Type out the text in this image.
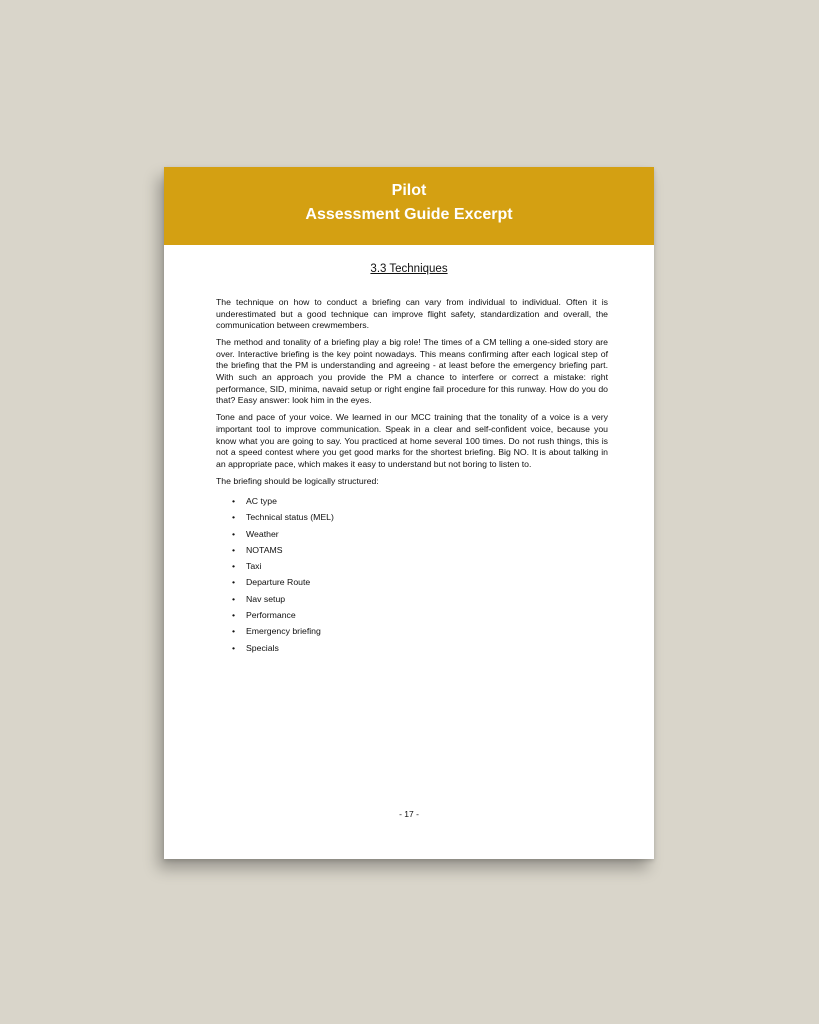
Pilot
Assessment Guide Excerpt
3.3 Techniques

The technique on how to conduct a briefing can vary from individual to individual. Often it is underestimated but a good technique can improve flight safety, standardization and overall, the communication between crewmembers.

The method and tonality of a briefing play a big role! The times of a CM telling a one-sided story are over. Interactive briefing is the key point nowadays. This means confirming after each logical step of the briefing that the PM is understanding and agreeing - at least before the emergency briefing part. With such an approach you provide the PM a chance to interfere or correct a mistake: right performance, SID, minima, navaid setup or right engine fail procedure for this runway. How do you do that? Easy answer: look him in the eyes.

Tone and pace of your voice. We learned in our MCC training that the tonality of a voice is a very important tool to improve communication. Speak in a clear and self-confident voice, because you know what you are going to say. You practiced at home several 100 times. Do not rush things, this is not a speed contest where you get good marks for the shortest briefing. Big NO. It is about talking in an appropriate pace, which makes it easy to understand but not boring to listen to.

The briefing should be logically structured:

• AC type
• Technical status (MEL)
• Weather
• NOTAMS
• Taxi
• Departure Route
• Nav setup
• Performance
• Emergency briefing
• Specials
- 17 -
